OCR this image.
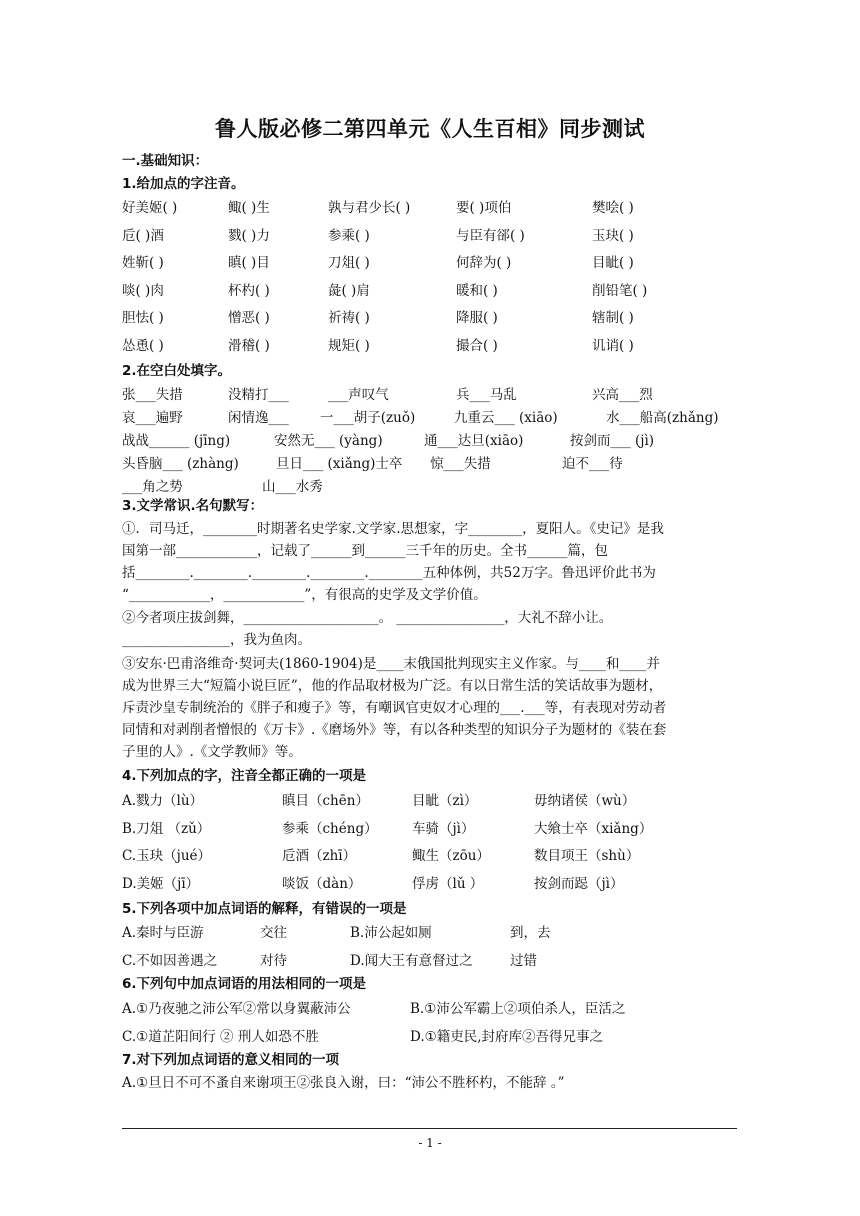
鲁人版必修二第四单元《人生百相》同步测试
一.基础知识：
1.给加点的字注音。
好美姬( )	鲰( )生	孰与君少长( )	要( )项伯	樊哙( )
卮( )酒	戮( )力	参乘( )	与臣有郤( )	玉玦( )
姓靳( )	瞋( )目	刀俎( )	何辞为( )	目眦( )
啖( )肉	杯杓( )	彘( )肩	暖和( )	削铅笔( )
胆怯( )	憎恶( )	祈祷( )	降服( )	辖制( )
怂恿( )	滑稽( )	规矩( )	撮合( )	讥诮( )
2.在空白处填字。
张___失措	没精打___	___声叹气	兵___马乱	兴高___烈
哀___遍野	闲情逸___ 一___胡子(zuǒ)	九重云___ (xiāo)	水___船高(zhǎng)
战战______ (jīng)	安然无___ (yàng)	通___达旦(xiāo)	按剑而___ (jì)
头昏脑___ (zhàng)	旦日___ (xiǎng)士卒 惊___失措	迫不___待
___角之势	山___水秀
3.文学常识.名句默写：
①．司马迁，________时期著名史学家.文学家.思想家，字________，夏阳人。《史记》是我
国第一部____________，记载了______到______三千年的历史。全书______篇，包
括________.________.________.________.________五种体例，共52万字。鲁迅评价此书为
“____________，____________”，有很高的史学及文学价值。
②今者项庄拔剑舞，____________________。 ________________，大礼不辞小让。
________________，我为鱼肉。
③安东·巴甫洛维奇·契诃夫(1860-1904)是____末俄国批判现实主义作家。与____和____并
成为世界三大“短篇小说巨匠”，他的作品取材极为广泛。有以日常生活的笑话故事为题材，
斥责沙皇专制统治的《胖子和瘦子》等，有嘲讽官吏奴才心理的___.___等，有表现对劳动者
同情和对剥削者憎恨的《万卡》.《磨场外》等，有以各种类型的知识分子为题材的《装在套
子里的人》.《文学教师》等。
4.下列加点的字，注音全都正确的一项是
A.戮力（lù）	瞋目（chēn）	目眦（zì）	毋纳诸侯（wù）
B.刀俎 （zǔ）	参乘（chéng）	车骑（jì）	大飨士卒（xiǎng）
C.玉玦（jué）	卮酒（zhī）	鲰生（zōu）	数目项王（shù）
D.美姬（jī）	啖饭（dàn）	俘虏（lǔ ）	按剑而跽（jì）
5.下列各项中加点词语的解释，有错误的一项是
A.秦时与臣游	交往	B.沛公起如厕	到，去
C.不如因善遇之	对待	D.闻大王有意督过之	过错
6.下列句中加点词语的用法相同的一项是
A.①乃夜驰之沛公军②常以身翼蔽沛公	B.①沛公军霸上②项伯杀人，臣活之
C.①道芷阳间行 ② 刑人如恐不胜	D.①籍吏民,封府库②吾得兄事之
7.对下列加点词语的意义相同的一项
A.①旦日不可不蚤自来谢项王②张良入谢，曰：“沛公不胜杯杓，不能辞 。”
- 1 -
